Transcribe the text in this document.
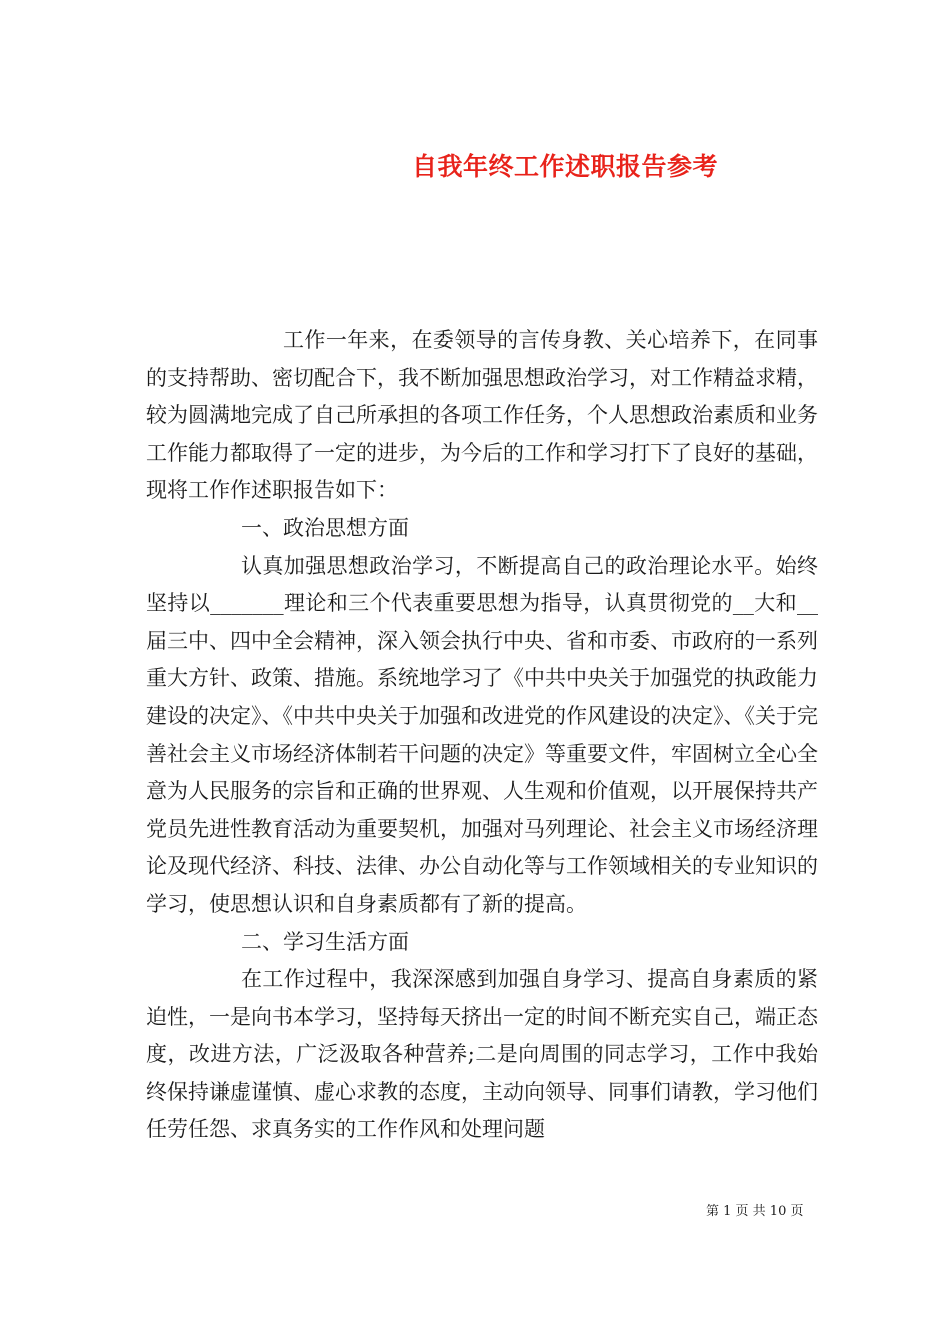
自我年终工作述职报告参考

工作一年来，在委领导的言传身教、关心培养下，在同事的支持帮助、密切配合下，我不断加强思想政治学习，对工作精益求精，较为圆满地完成了自己所承担的各项工作任务，个人思想政治素质和业务工作能力都取得了一定的进步，为今后的工作和学习打下了良好的基础，现将工作作述职报告如下：

一、政治思想方面

认真加强思想政治学习，不断提高自己的政治理论水平。始终坚持以_______理论和三个代表重要思想为指导，认真贯彻党的__大和__届三中、四中全会精神，深入领会执行中央、省和市委、市政府的一系列重大方针、政策、措施。系统地学习了《中共中央关于加强党的执政能力建设的决定》、《中共中央关于加强和改进党的作风建设的决定》、《关于完善社会主义市场经济体制若干问题的决定》等重要文件，牢固树立全心全意为人民服务的宗旨和正确的世界观、人生观和价值观，以开展保持共产党员先进性教育活动为重要契机，加强对马列理论、社会主义市场经济理论及现代经济、科技、法律、办公自动化等与工作领域相关的专业知识的学习，使思想认识和自身素质都有了新的提高。

二、学习生活方面

在工作过程中，我深深感到加强自身学习、提高自身素质的紧迫性，一是向书本学习，坚持每天挤出一定的时间不断充实自己，端正态度，改进方法，广泛汲取各种营养;二是向周围的同志学习，工作中我始终保持谦虚谨慎、虚心求教的态度，主动向领导、同事们请教，学习他们任劳任怨、求真务实的工作作风和处理问题

第 1 页 共 10 页
